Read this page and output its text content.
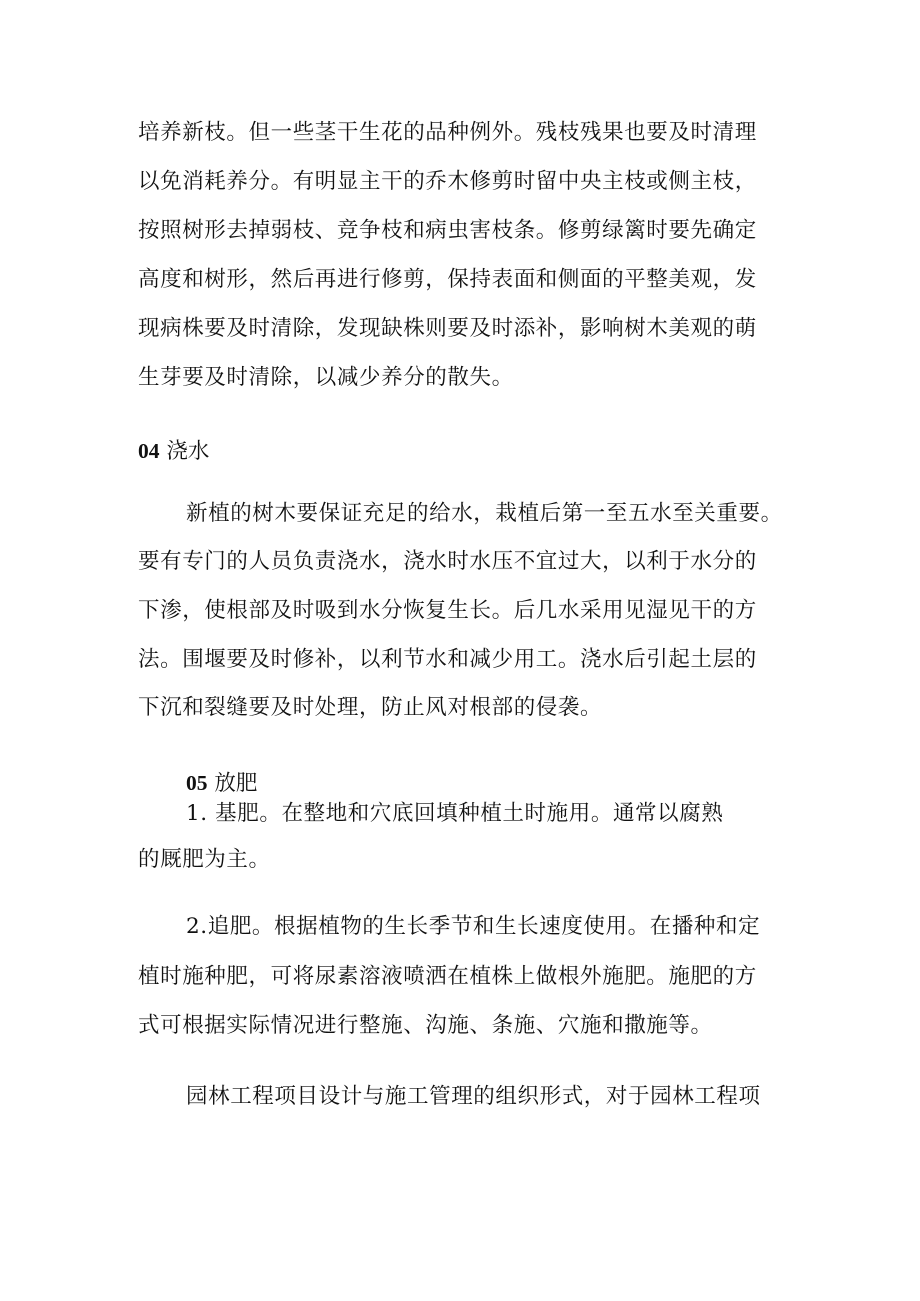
培养新枝。但一些茎干生花的品种例外。残枝残果也要及时清理
以免消耗养分。有明显主干的乔木修剪时留中央主枝或侧主枝，
按照树形去掉弱枝、竞争枝和病虫害枝条。修剪绿篱时要先确定
高度和树形，然后再进行修剪，保持表面和侧面的平整美观，发
现病株要及时清除，发现缺株则要及时添补，影响树木美观的萌
生芽要及时清除，以减少养分的散失。
04 浇水
新植的树木要保证充足的给水，栽植后第一至五水至关重要。
要有专门的人员负责浇水，浇水时水压不宜过大，以利于水分的
下渗，使根部及时吸到水分恢复生长。后几水采用见湿见干的方
法。围堰要及时修补，以利节水和减少用工。浇水后引起土层的
下沉和裂缝要及时处理，防止风对根部的侵袭。
05 放肥
1. 基肥。在整地和穴底回填种植土时施用。通常以腐熟
的厩肥为主。
2.追肥。根据植物的生长季节和生长速度使用。在播种和定
植时施种肥，可将尿素溶液喷洒在植株上做根外施肥。施肥的方
式可根据实际情况进行整施、沟施、条施、穴施和撒施等。
园林工程项目设计与施工管理的组织形式，对于园林工程项
